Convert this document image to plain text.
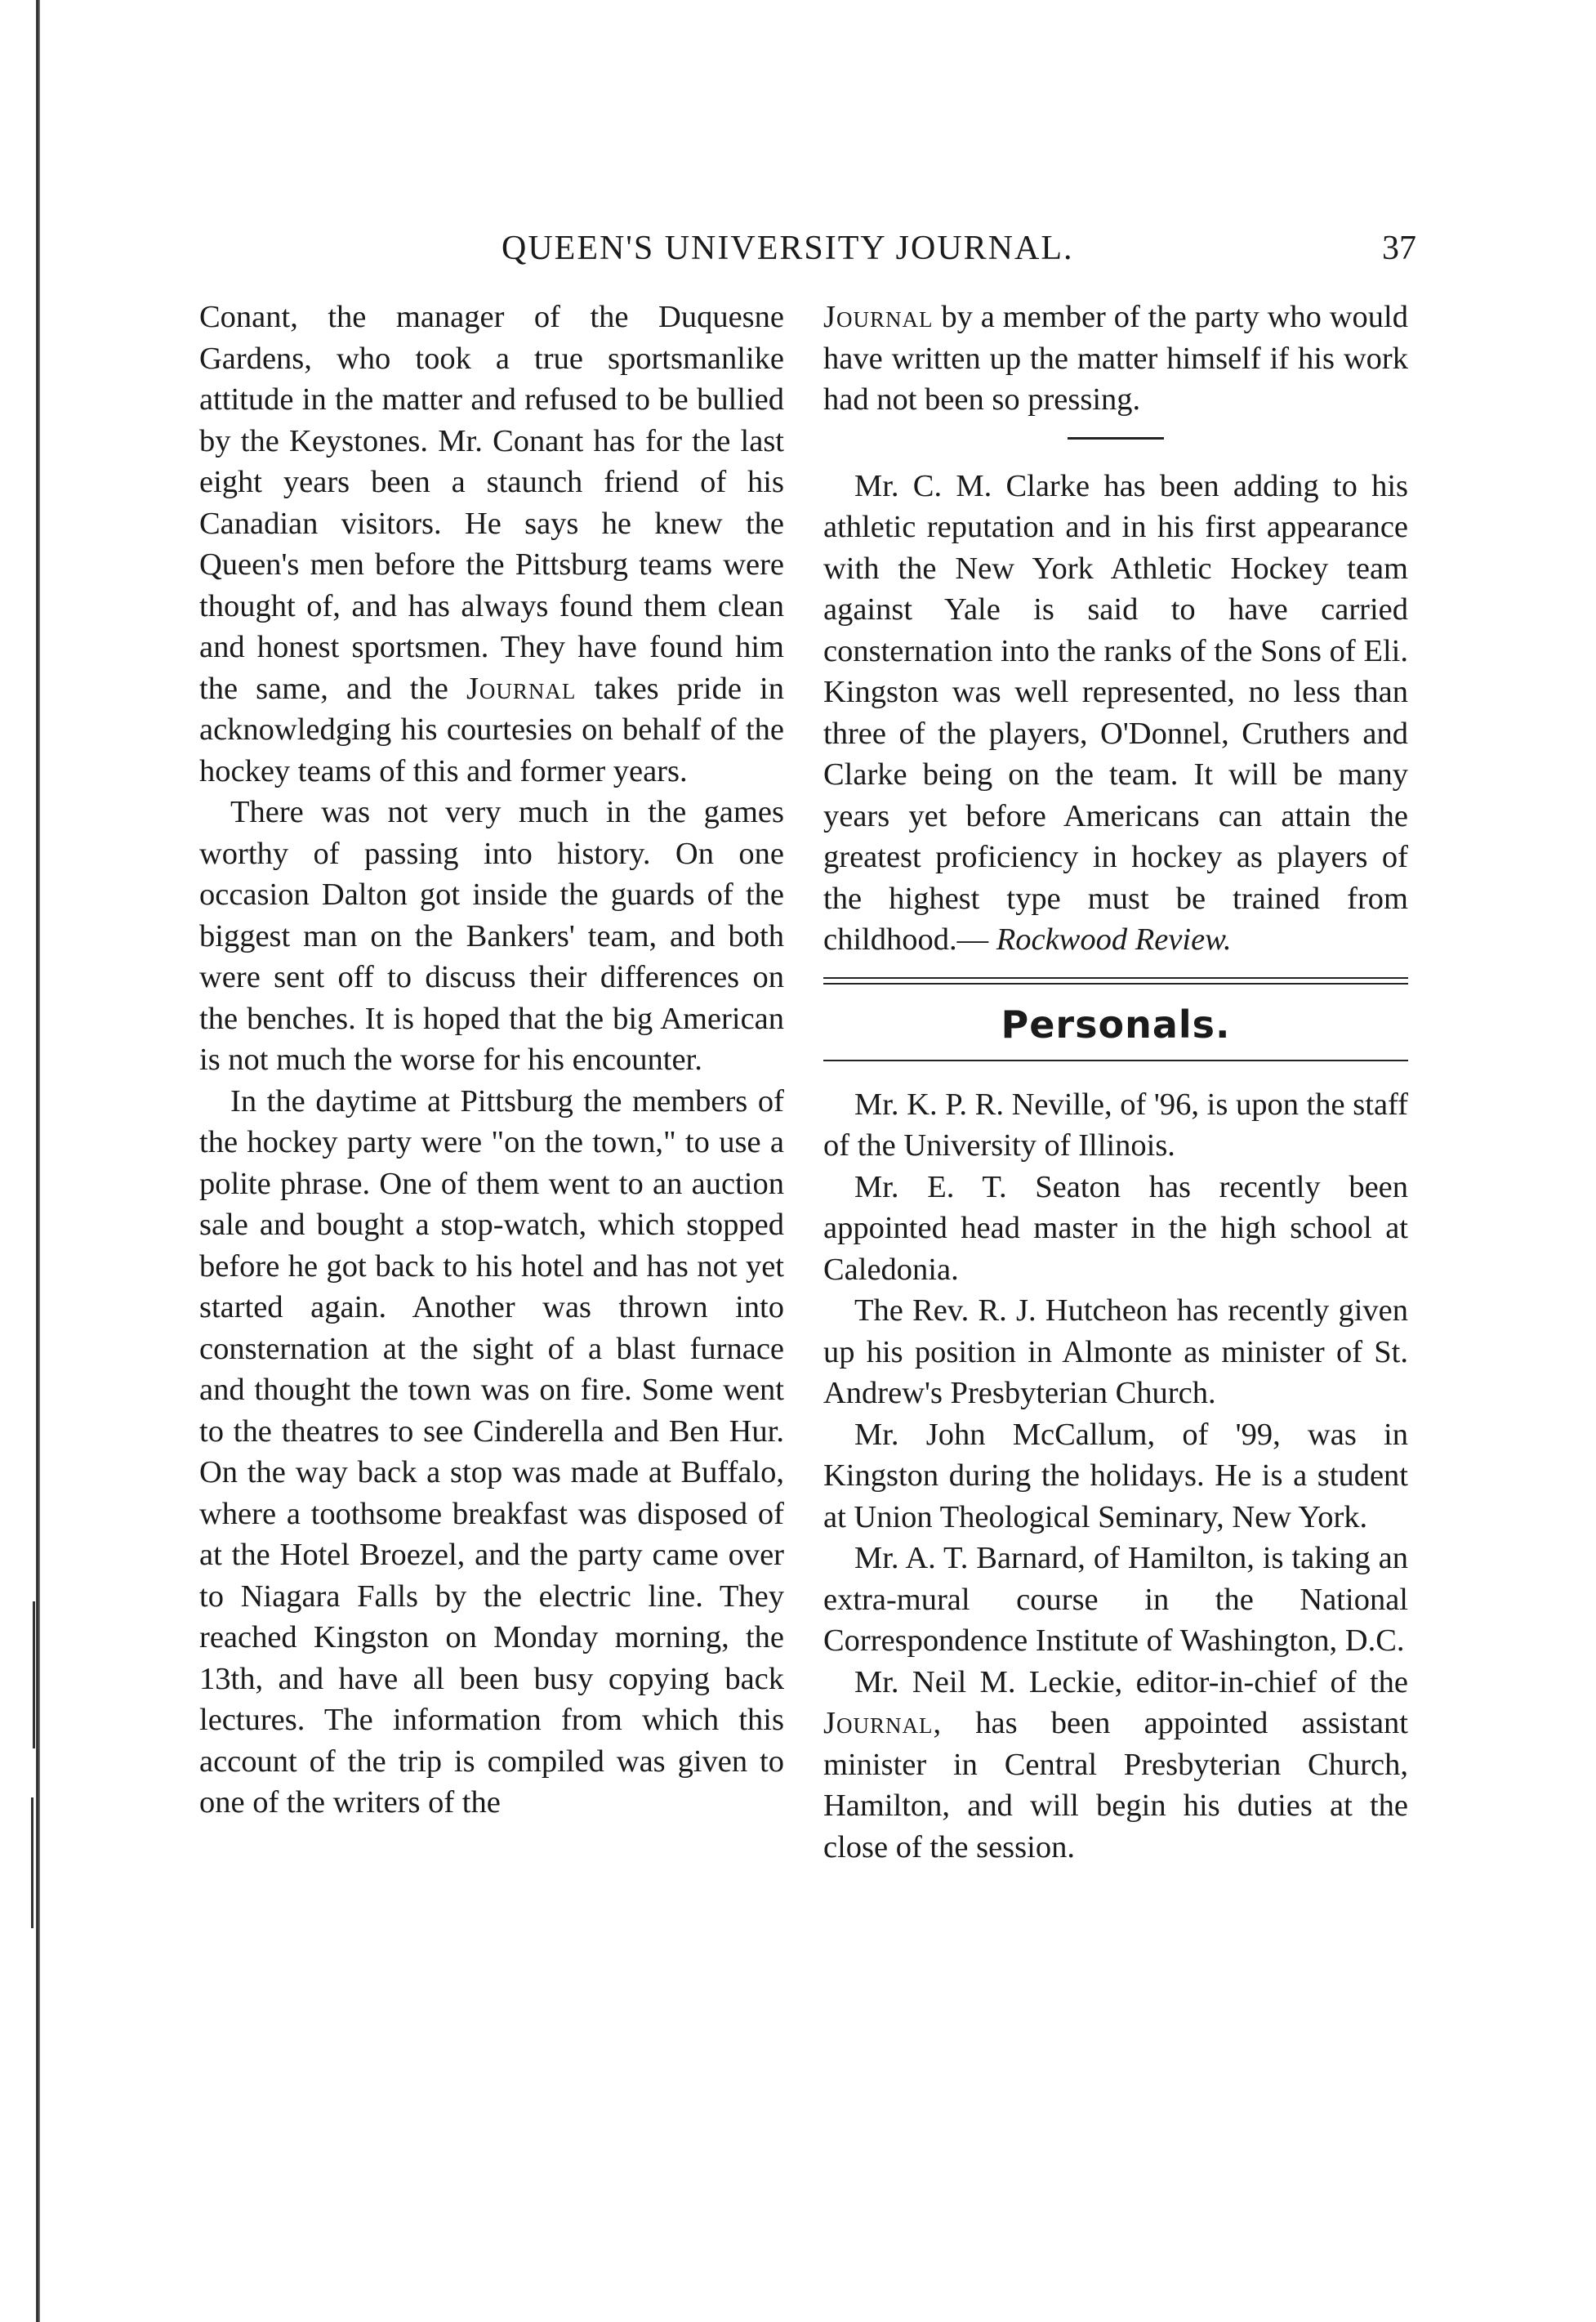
QUEEN'S UNIVERSITY JOURNAL.	37

Conant, the manager of the Duquesne Gardens, who took a true sportsmanlike attitude in the matter and refused to be bullied by the Keystones. Mr. Conant has for the last eight years been a staunch friend of his Canadian visitors. He says he knew the Queen's men before the Pittsburg teams were thought of, and has always found them clean and honest sportsmen. They have found him the same, and the Journal takes pride in acknowledging his courtesies on behalf of the hockey teams of this and former years.

There was not very much in the games worthy of passing into history. On one occasion Dalton got inside the guards of the biggest man on the Bankers' team, and both were sent off to discuss their differences on the benches. It is hoped that the big American is not much the worse for his encounter.

In the daytime at Pittsburg the members of the hockey party were "on the town," to use a polite phrase. One of them went to an auction sale and bought a stop-watch, which stopped before he got back to his hotel and has not yet started again. Another was thrown into consternation at the sight of a blast furnace and thought the town was on fire. Some went to the theatres to see Cinderella and Ben Hur. On the way back a stop was made at Buffalo, where a toothsome breakfast was disposed of at the Hotel Broezel, and the party came over to Niagara Falls by the electric line. They reached Kingston on Monday morning, the 13th, and have all been busy copying back lectures. The information from which this account of the trip is compiled was given to one of the writers of the

Journal by a member of the party who would have written up the matter himself if his work had not been so pressing.

Mr. C. M. Clarke has been adding to his athletic reputation and in his first appearance with the New York Athletic Hockey team against Yale is said to have carried consternation into the ranks of the Sons of Eli. Kingston was well represented, no less than three of the players, O'Donnel, Cruthers and Clarke being on the team. It will be many years yet before Americans can attain the greatest proficiency in hockey as players of the highest type must be trained from childhood.— Rockwood Review.

Personals.

Mr. K. P. R. Neville, of '96, is upon the staff of the University of Illinois.

Mr. E. T. Seaton has recently been appointed head master in the high school at Caledonia.

The Rev. R. J. Hutcheon has recently given up his position in Almonte as minister of St. Andrew's Presbyterian Church.

Mr. John McCallum, of '99, was in Kingston during the holidays. He is a student at Union Theological Seminary, New York.

Mr. A. T. Barnard, of Hamilton, is taking an extra-mural course in the National Correspondence Institute of Washington, D.C.

Mr. Neil M. Leckie, editor-in-chief of the Journal, has been appointed assistant minister in Central Presbyterian Church, Hamilton, and will begin his duties at the close of the session.
